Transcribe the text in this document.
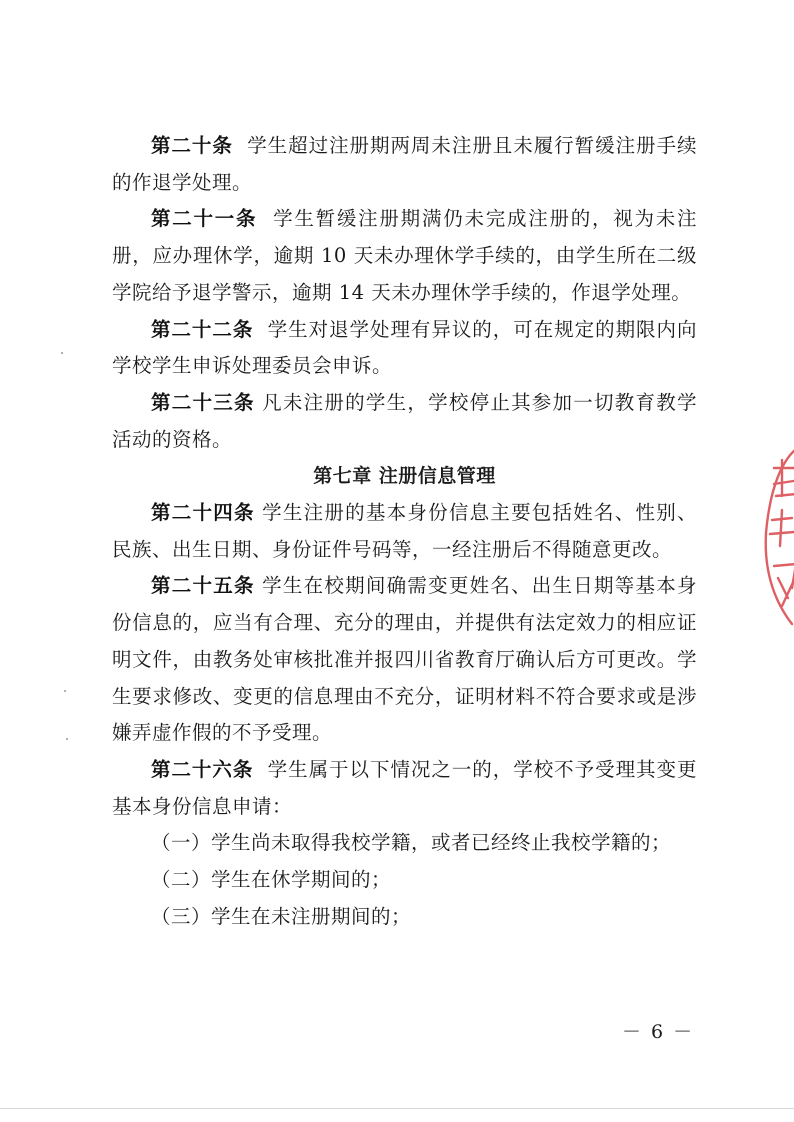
第二十条 学生超过注册期两周未注册且未履行暂缓注册手续的作退学处理。

第二十一条 学生暂缓注册期满仍未完成注册的，视为未注册，应办理休学，逾期 10 天未办理休学手续的，由学生所在二级学院给予退学警示，逾期 14 天未办理休学手续的，作退学处理。

第二十二条 学生对退学处理有异议的，可在规定的期限内向学校学生申诉处理委员会申诉。

第二十三条 凡未注册的学生，学校停止其参加一切教育教学活动的资格。

第七章 注册信息管理

第二十四条 学生注册的基本身份信息主要包括姓名、性别、民族、出生日期、身份证件号码等，一经注册后不得随意更改。

第二十五条 学生在校期间确需变更姓名、出生日期等基本身份信息的，应当有合理、充分的理由，并提供有法定效力的相应证明文件，由教务处审核批准并报四川省教育厅确认后方可更改。学生要求修改、变更的信息理由不充分，证明材料不符合要求或是涉嫌弄虚作假的不予受理。

第二十六条 学生属于以下情况之一的，学校不予受理其变更基本身份信息申请：

（一）学生尚未取得我校学籍，或者已经终止我校学籍的；

（二）学生在休学期间的；

（三）学生在未注册期间的；

－ 6 －
